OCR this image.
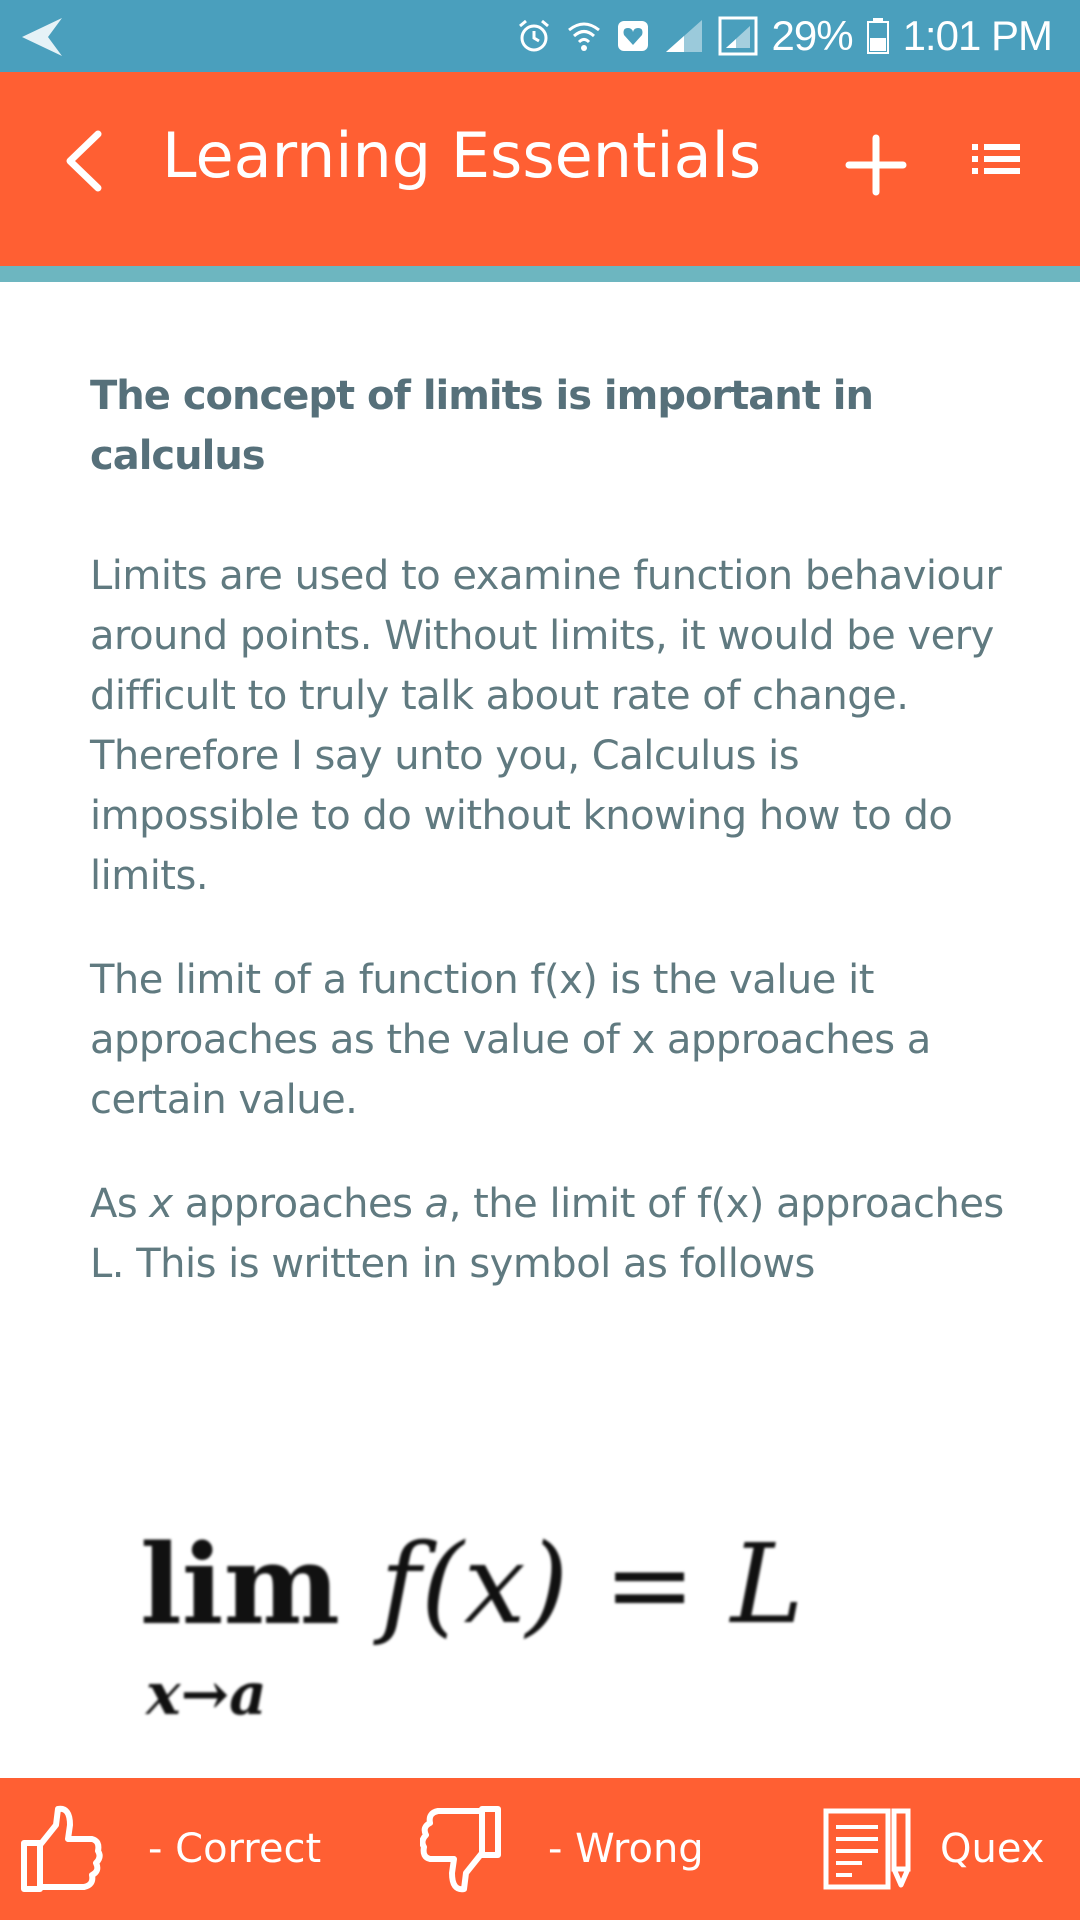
29% 1:01 PM
Learning Essentials
The concept of limits is important in calculus

Limits are used to examine function behaviour around points. Without limits, it would be very difficult to truly talk about rate of change. Therefore I say unto you, Calculus is impossible to do without knowing how to do limits.

The limit of a function f(x) is the value it approaches as the value of x approaches a certain value.

As x approaches a, the limit of f(x) approaches L. This is written in symbol as follows

lim f(x) = L
x→a
- Correct	- Wrong	Quex
